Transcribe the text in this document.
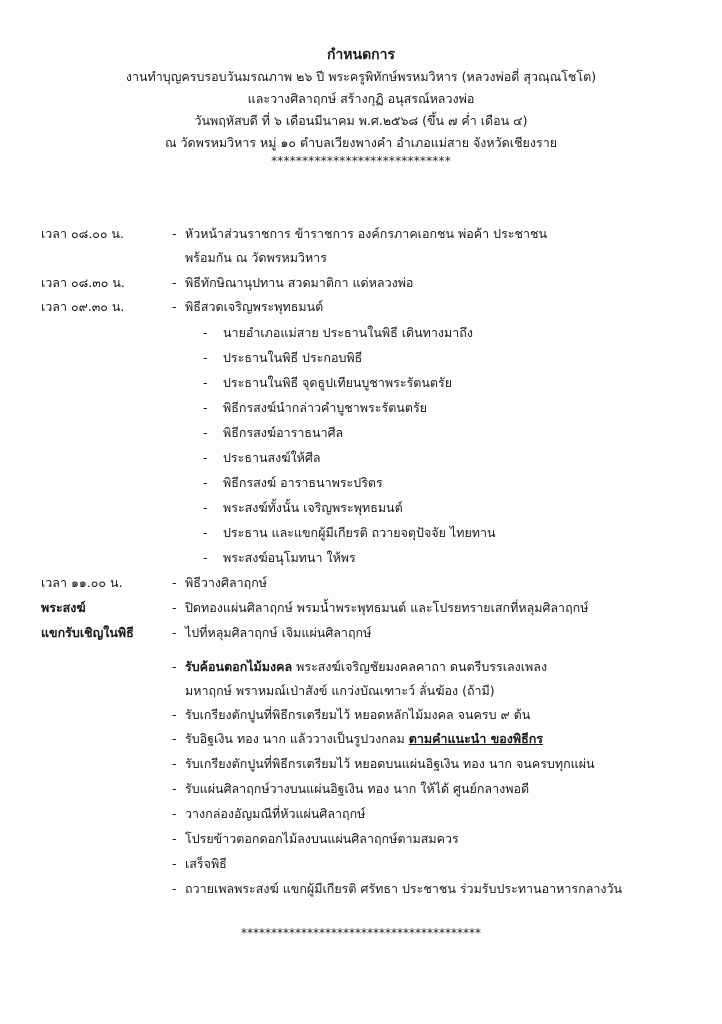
กำหนดการ
งานทำบุญครบรอบวันมรณภาพ ๒๖ ปี พระครูพิทักษ์พรหมวิหาร (หลวงพ่อดี่ สุวณฺณโชโต)
และวางศิลาฤกษ์ สร้างกุฏิ อนุสรณ์หลวงพ่อ
วันพฤหัสบดี ที่ ๖ เดือนมีนาคม พ.ศ.๒๕๖๘ (ขึ้น ๗ ค่ำ เดือน ๔)
ณ วัดพรหมวิหาร หมู่ ๑๐ ตำบลเวียงพางคำ อำเภอแม่สาย จังหวัดเชียงราย
*****************************
เวลา ๐๘.๐๐ น.	- หัวหน้าส่วนราชการ ข้าราชการ องค์กรภาคเอกชน พ่อค้า ประชาชน
พร้อมกัน ณ วัดพรหมวิหาร
เวลา ๐๘.๓๐ น.	- พิธีทักษิณานุปทาน สวดมาติกา แด่หลวงพ่อ
เวลา ๐๙.๓๐ น.	- พิธีสวดเจริญพระพุทธมนต์
- นายอำเภอแม่สาย ประธานในพิธี เดินทางมาถึง
- ประธานในพิธี ประกอบพิธี
- ประธานในพิธี จุดธูปเทียนบูชาพระรัตนตรัย
- พิธีกรสงฆ์นำกล่าวคำบูชาพระรัตนตรัย
- พิธีกรสงฆ์อาราธนาศีล
- ประธานสงฆ์ให้ศีล
- พิธีกรสงฆ์ อาราธนาพระปริตร
- พระสงฆ์ทั้งนั้น เจริญพระพุทธมนต์
- ประธาน และแขกผู้มีเกียรติ ถวายจตุปัจจัย ไทยทาน
- พระสงฆ์อนุโมทนา ให้พร
เวลา ๑๑.๐๐ น.	- พิธีวางศิลาฤกษ์
พระสงฆ์	- ปิดทองแผ่นศิลาฤกษ์ พรมน้ำพระพุทธมนต์ และโปรยทรายเสกที่หลุมศิลาฤกษ์
แขกรับเชิญในพิธี	- ไปที่หลุมศิลาฤกษ์ เจิมแผ่นศิลาฤกษ์
- รับค้อนตอกไม้มงคล พระสงฆ์เจริญชัยมงคลคาถา ดนตรีบรรเลงเพลง
มหาฤกษ์ พราหมณ์เป่าสังข์ แกว่งบัณเฑาะว์ ลั่นฆ้อง (ถ้ามี)
- รับเกรียงตักปูนที่พิธีกรเตรียมไว้ หยอดหลักไม้มงคล จนครบ ๙ ต้น
- รับอิฐเงิน ทอง นาก แล้ววางเป็นรูปวงกลม ตามคำแนะนำ ของพิธีกร
- รับเกรียงตักปูนที่พิธีกรเตรียมไว้ หยอดบนแผ่นอิฐเงิน ทอง นาก จนครบทุกแผ่น
- รับแผ่นศิลาฤกษ์วางบนแผ่นอิฐเงิน ทอง นาก ให้ได้ ศูนย์กลางพอดี
- วางกล่องอัญมณีที่หัวแผ่นศิลาฤกษ์
- โปรยข้าวตอกดอกไม้ลงบนแผ่นศิลาฤกษ์ตามสมควร
- เสร็จพิธี
- ถวายเพลพระสงฆ์ แขกผู้มีเกียรติ ศรัทธา ประชาชน ร่วมรับประทานอาหารกลางวัน
****************************************
